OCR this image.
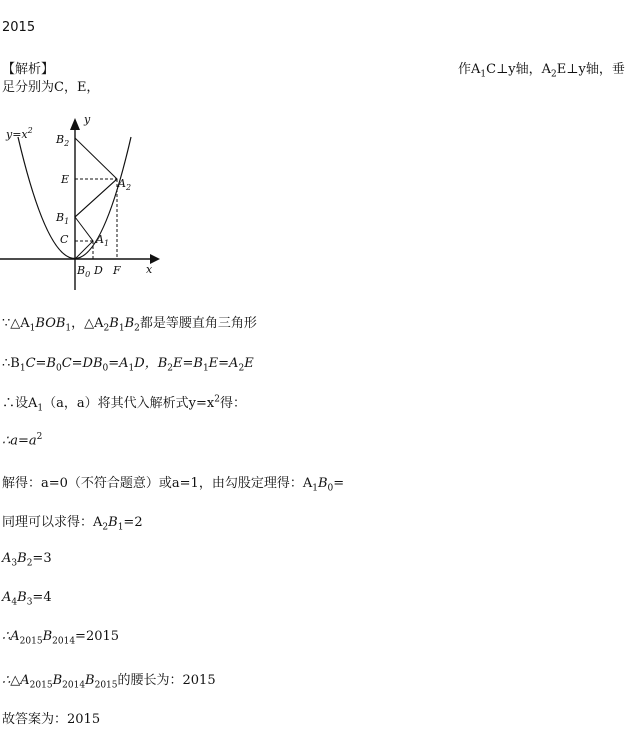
2015
【解析】	作$A_1C\perp y$轴，$A_2E\perp y$轴，垂
足分别为C，E，
$y=x^2$
y
x
$B_2$
E	$A_2$
$B_1$
C	$A_1$
$B_0$ D F
$\because\triangle A_1BOB_1$，$\triangle A_2B_1B_2$都是等腰直角三角形
$\therefore B_1C=B_0C=DB_0=A_1D$，$B_2E=B_1E=A_2E$
∴设$A_1(a$，a）将其代入解析式$y=x^2$得：
$\therefore a=a^2$
解得：a=0（不符合题意）或a=1，由勾股定理得：$A_1B_0=$
同理可以求得：$A_2B_1=2$
$A_3B_2=3$
$A_4B_3=4$
$\therefore A_{2015}B_{2014}=2015$
$\therefore\triangle A_{2015}B_{2014}B_{2015}$的腰长为：2015
故答案为：2015
